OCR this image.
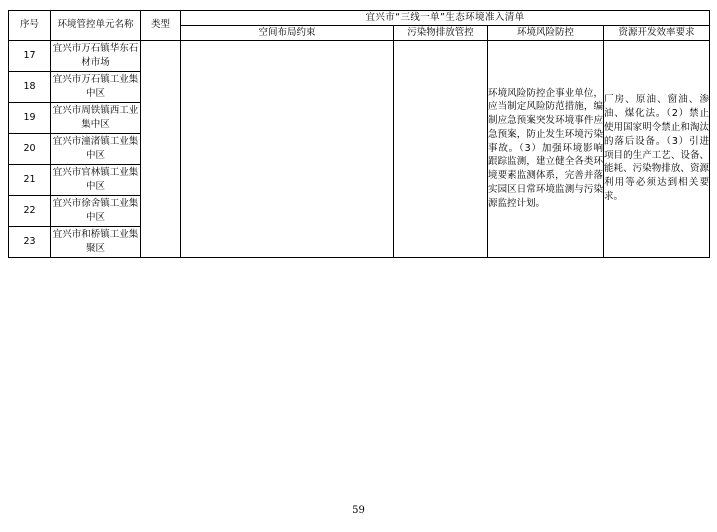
序号	环境管控单元名称	类型	宜兴市“三线一单”生态环境准入清单			
			空间布局约束	污染物排放管控	环境风险防控	资源开发效率要求
17	宜兴市万石镇华东石材市场				环境风险防控企事业单位，应当制定风险防范措施，编制应急预案突发环境事件应急预案，防止发生环境污染事故。（3）加强环境影响跟踪监测，建立健全各类环境要素监测体系，完善并落实园区日常环境监测与污染源监控计划。	厂房、原油、窗油、渗油、煤化法。（2）禁止使用国家明令禁止和淘汰的落后设备。（3）引进项目的生产工艺、设备、能耗、污染物排放、资源利用等必须达到相关要求。
18	宜兴市万石镇工业集中区					
19	宜兴市周铁镇西工业集中区					
20	宜兴市潼渚镇工业集中区					
21	宜兴市官林镇工业集中区					
22	宜兴市徐舍镇工业集中区					
23	宜兴市和桥镇工业集聚区					
59
